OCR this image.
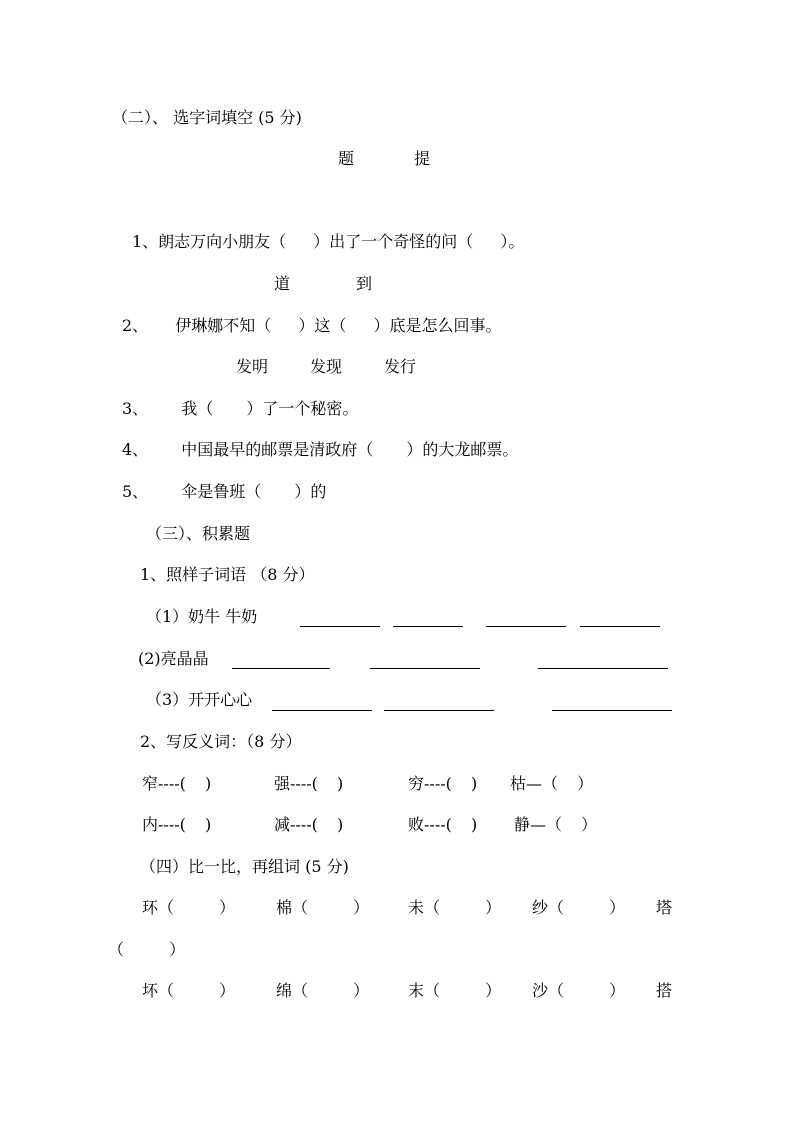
（二）、 选字词填空 (5 分)
题	提
1、朗志万向小朋友（ ）出了一个奇怪的问（ ）。
道	到
2、 伊琳娜不知（ ）这（ ）底是怎么回事。
发明	发现	发行
3、 我（ ）了一个秘密。
4、 中国最早的邮票是清政府（ ）的大龙邮票。
5、 伞是鲁班（ ）的
（三）、积累题
1、照样子词语 （8 分）
（1）奶牛 牛奶
(2)亮晶晶
（3）开开心心
2、写反义词：（8 分）
窄----( )	强----( )	穷----( ) 枯—（ ）
内----( )	减----( )	败----( ) 静—（ ）
（四）比一比，再组词 (5 分)
环（ ）	棉（ ） 未（ ） 纱（ ） 塔
（ ）
坏（ ）	绵（ ） 末（ ） 沙（ ） 搭
